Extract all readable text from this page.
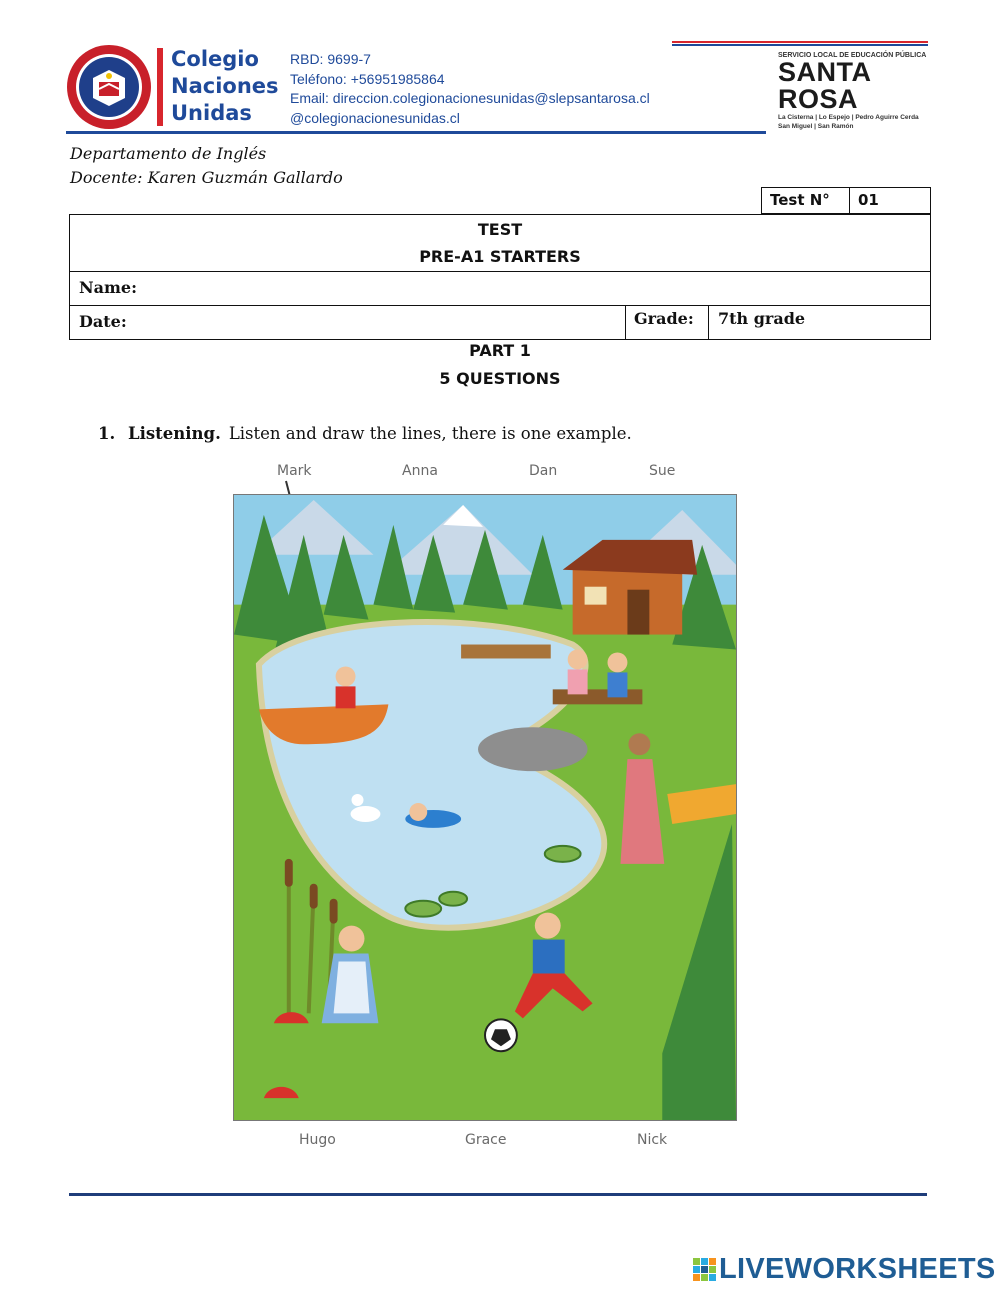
Colegio
Naciones
Unidas
RBD: 9699-7
Teléfono: +56951985864
Email: direccion.colegionacionesunidas@slepsantarosa.cl
@colegionacionesunidas.cl
SERVICIO LOCAL DE EDUCACIÓN PÚBLICA
SANTA
ROSA
La Cisterna | Lo Espejo | Pedro Aguirre Cerda
San Miguel | San Ramón
Departamento de Inglés
Docente: Karen Guzmán Gallardo
Test N°	01
TEST
PRE-A1 STARTERS
Name:
Date:	Grade:	7th grade
PART 1
5 QUESTIONS
1. Listening. Listen and draw the lines, there is one example.
Mark	Anna	Dan	Sue
Hugo	Grace	Nick
LIVEWORKSHEETS
